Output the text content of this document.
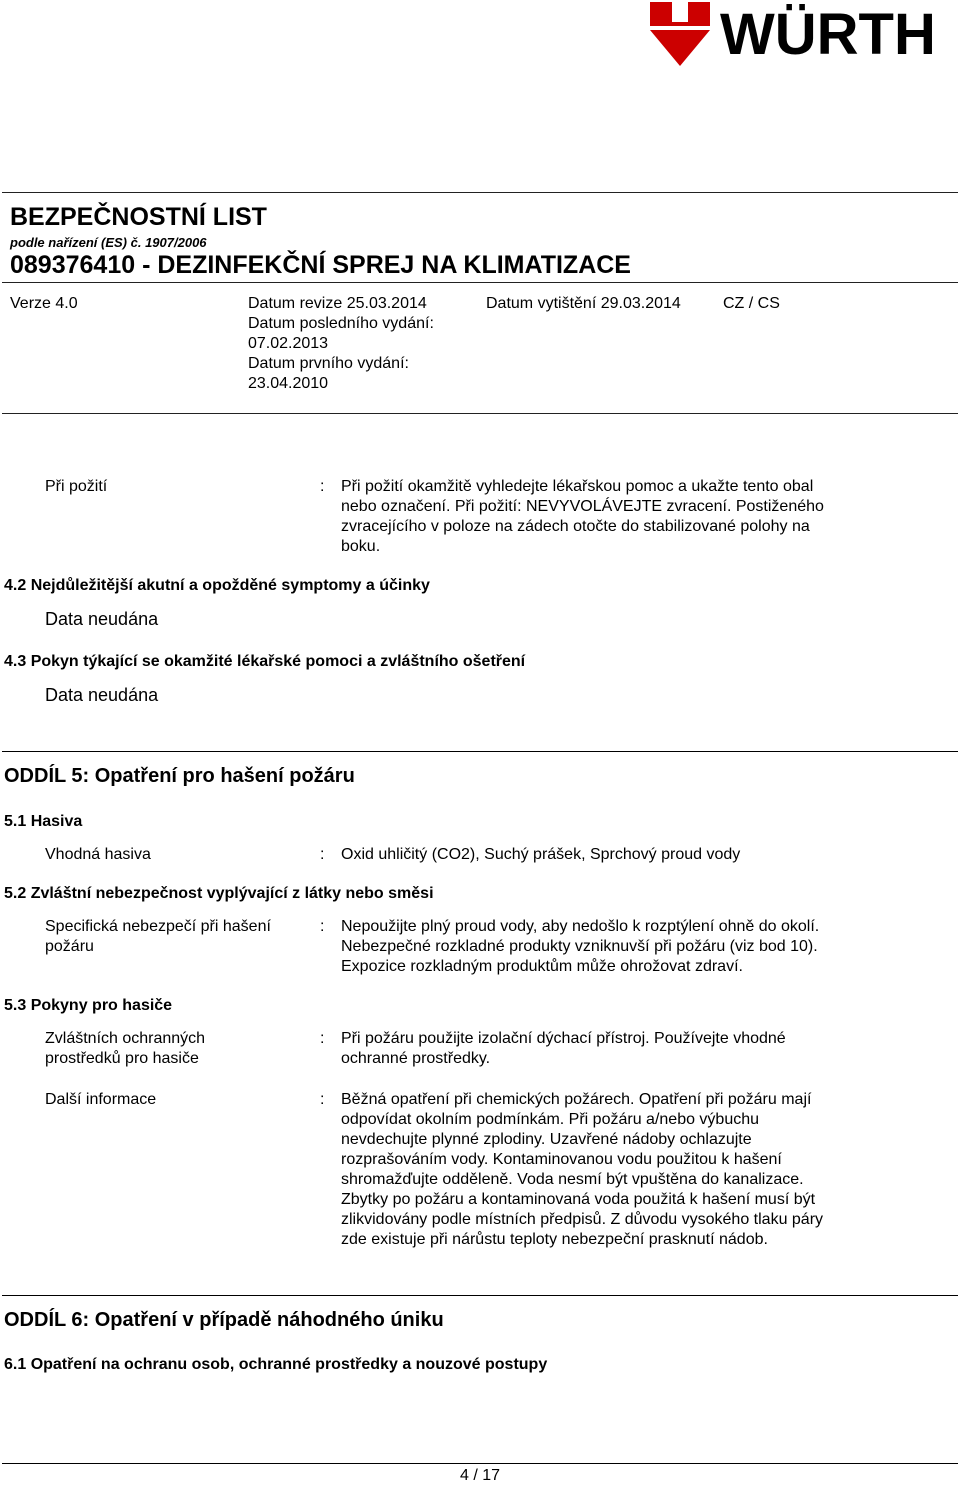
WÜRTH
BEZPEČNOSTNÍ LIST
podle nařízení (ES) č. 1907/2006
089376410 - DEZINFEKČNÍ SPREJ NA KLIMATIZACE
Verze 4.0	Datum revize 25.03.2014
Datum posledního vydání:
07.02.2013
Datum prvního vydání:
23.04.2010
Datum vytištění 29.03.2014	CZ / CS
Při požití	: Při požití okamžitě vyhledejte lékařskou pomoc a ukažte tento obal
nebo označení. Při požití: NEVYVOLÁVEJTE zvracení. Postiženého
zvracejícího v poloze na zádech otočte do stabilizované polohy na
boku.
4.2 Nejdůležitější akutní a opožděné symptomy a účinky
Data neudána
4.3 Pokyn týkající se okamžité lékařské pomoci a zvláštního ošetření
Data neudána
ODDÍL 5: Opatření pro hašení požáru
5.1 Hasiva
Vhodná hasiva	: Oxid uhličitý (CO2), Suchý prášek, Sprchový proud vody
5.2 Zvláštní nebezpečnost vyplývající z látky nebo směsi
Specifická nebezpečí při hašení
požáru
: Nepoužijte plný proud vody, aby nedošlo k rozptýlení ohně do okolí.
Nebezpečné rozkladné produkty vzniknuvší při požáru (viz bod 10).
Expozice rozkladným produktům může ohrožovat zdraví.
5.3 Pokyny pro hasiče
Zvláštních ochranných
prostředků pro hasiče
: Při požáru použijte izolační dýchací přístroj. Používejte vhodné
ochranné prostředky.
Další informace	: Běžná opatření při chemických požárech. Opatření při požáru mají
odpovídat okolním podmínkám. Při požáru a/nebo výbuchu
nevdechujte plynné zplodiny. Uzavřené nádoby ochlazujte
rozprašováním vody. Kontaminovanou vodu použitou k hašení
shromažďujte odděleně. Voda nesmí být vpuštěna do kanalizace.
Zbytky po požáru a kontaminovaná voda použitá k hašení musí být
zlikvidovány podle místních předpisů. Z důvodu vysokého tlaku páry
zde existuje při nárůstu teploty nebezpeční prasknutí nádob.
ODDÍL 6: Opatření v případě náhodného úniku
6.1 Opatření na ochranu osob, ochranné prostředky a nouzové postupy
4 / 17
